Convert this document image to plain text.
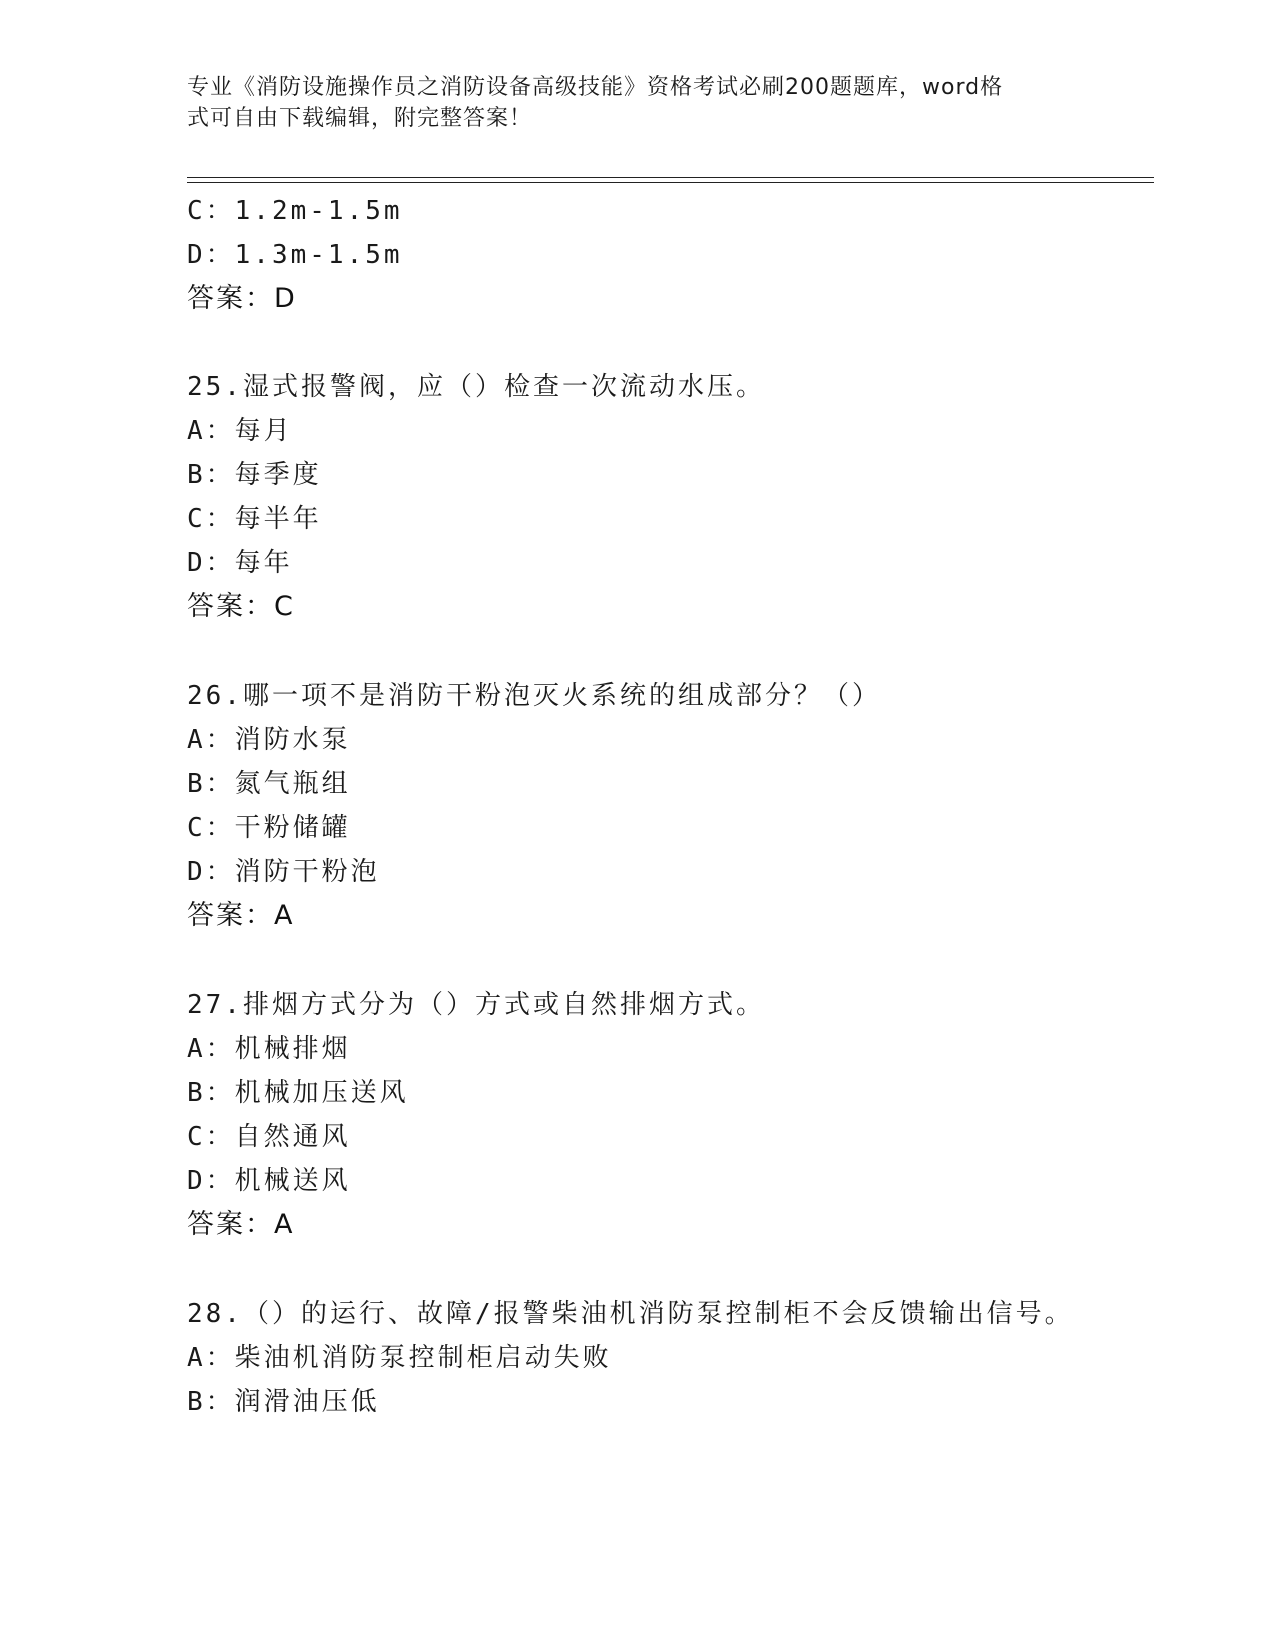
专业《消防设施操作员之消防设备高级技能》资格考试必刷200题题库，word格
式可自由下载编辑，附完整答案！
C：1.2m-1.5m
D：1.3m-1.5m
答案：D
25.湿式报警阀，应（）检查一次流动水压。
A：每月
B：每季度
C：每半年
D：每年
答案：C
26.哪一项不是消防干粉泡灭火系统的组成部分？（）
A：消防水泵
B：氮气瓶组
C：干粉储罐
D：消防干粉泡
答案：A
27.排烟方式分为（）方式或自然排烟方式。
A：机械排烟
B：机械加压送风
C：自然通风
D：机械送风
答案：A
28.（）的运行、故障/报警柴油机消防泵控制柜不会反馈输出信号。
A：柴油机消防泵控制柜启动失败
B：润滑油压低
